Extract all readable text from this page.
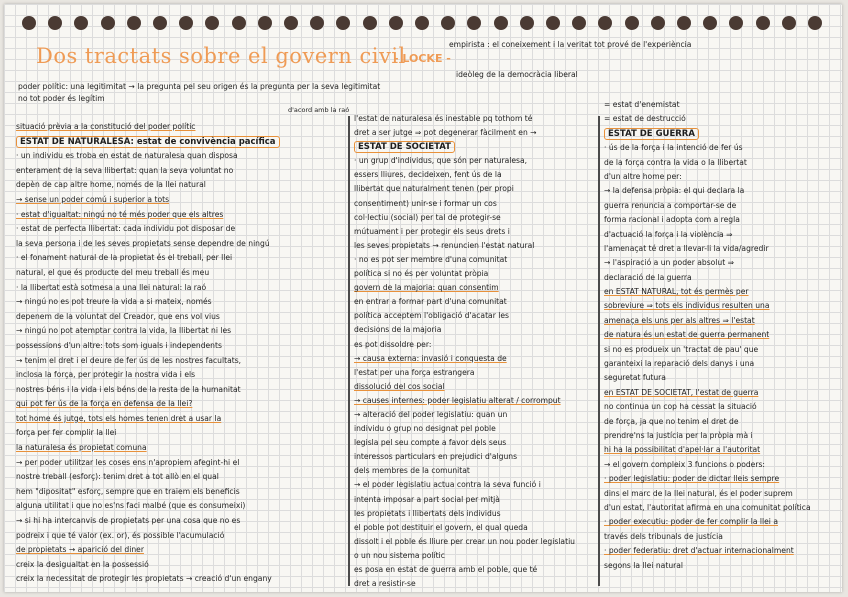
Dos tractats sobre el govern civil
- LOCKE -
empirista : el coneixement i la veritat tot prové de l'experiència
ideòleg de la democràcia liberal
poder polític: una legitimitat → la pregunta pel seu origen és la pregunta per la seva legitimitat
no tot poder és legítim
d'acord amb la raó
situació prèvia a la constitució del poder polític
ESTAT DE NATURALESA: estat de convivència pacífica
· un individu es troba en estat de naturalesa quan disposa
enterament de la seva llibertat: quan la seva voluntat no
depèn de cap altre home, només de la llei natural
→ sense un poder comú i superior a tots
· estat d'igualtat: ningú no té més poder que els altres
· estat de perfecta llibertat: cada individu pot disposar de
la seva persona i de les seves propietats sense dependre de ningú
· el fonament natural de la propietat és el treball, per llei
natural, el que és producte del meu treball és meu
· la llibertat està sotmesa a una llei natural: la raó
→ ningú no es pot treure la vida a si mateix, només
depenem de la voluntat del Creador, que ens vol vius
→ ningú no pot atemptar contra la vida, la llibertat ni les
possessions d'un altre: tots som iguals i independents
→ tenim el dret i el deure de fer ús de les nostres facultats,
inclosa la força, per protegir la nostra vida i els
nostres béns i la vida i els béns de la resta de la humanitat
qui pot fer ús de la força en defensa de la llei?
tot home és jutge, tots els homes tenen dret a usar la
força per fer complir la llei
la naturalesa és propietat comuna
→ per poder utilitzar les coses ens n'apropiem afegint-hi el
nostre treball (esforç): tenim dret a tot allò en el qual
hem "dipositat" esforç, sempre que en traiem els beneficis
alguna utilitat i que no es'ns faci malbé (que es consumeixi)
→ si hi ha intercanvis de propietats per una cosa que no es
podreix i que té valor (ex. or), és possible l'acumulació
de propietats → aparició del diner
creix la desigualtat en la possessió
creix la necessitat de protegir les propietats → creació d'un engany
l'estat de naturalesa és inestable pq tothom té
dret a ser jutge ⇒ pot degenerar fàcilment en →
ESTAT DE SOCIETAT
· un grup d'individus, que són per naturalesa,
essers lliures, decideixen, fent ús de la
llibertat que naturalment tenen (per propi
consentiment) unir-se i formar un cos
col·lectiu (social) per tal de protegir-se
mútuament i per protegir els seus drets i
les seves propietats → renuncien l'estat natural
· no es pot ser membre d'una comunitat
política si no és per voluntat pròpia
govern de la majoria: quan consentim
en entrar a formar part d'una comunitat
política acceptem l'obligació d'acatar les
decisions de la majoria
es pot dissoldre per:
→ causa externa: invasió i conquesta de
l'estat per una força estrangera
dissolució del cos social
→ causes internes: poder legislatiu alterat / corromput
→ alteració del poder legislatiu: quan un
individu o grup no designat pel poble
legisla pel seu compte a favor dels seus
interessos particulars en prejudici d'alguns
dels membres de la comunitat
→ el poder legislatiu actua contra la seva funció i
intenta imposar a part social per mitjà
les propietats i llibertats dels individus
el poble pot destituir el govern, el qual queda
dissolt i el poble és lliure per crear un nou poder legislatiu
o un nou sistema polític
es posa en estat de guerra amb el poble, que té
dret a resistir-se
= estat d'enemistat
= estat de destrucció
ESTAT DE GUERRA
· ús de la força i la intenció de fer ús
de la força contra la vida o la llibertat
d'un altre home per:
→ la defensa pròpia: el qui declara la
guerra renuncia a comportar-se de
forma racional i adopta com a regla
d'actuació la força i la violència ⇒
l'amenaçat té dret a llevar-li la vida/agredir
→ l'aspiració a un poder absolut ⇒
declaració de la guerra
en ESTAT NATURAL, tot és permès per
sobreviure ⇒ tots els individus resulten una
amenaça els uns per als altres ⇒ l'estat
de natura és un estat de guerra permanent
si no es produeix un 'tractat de pau' que
garanteixi la reparació dels danys i una
seguretat futura
en ESTAT DE SOCIETAT, l'estat de guerra
no continua un cop ha cessat la situació
de força, ja que no tenim el dret de
prendre'ns la justícia per la pròpia mà i
hi ha la possibilitat d'apel·lar a l'autoritat
→ el govern compleix 3 funcions o poders:
· poder legislatiu: poder de dictar lleis sempre
dins el marc de la llei natural, és el poder suprem
d'un estat, l'autoritat afirma en una comunitat política
· poder executiu: poder de fer complir la llei a
través dels tribunals de justícia
· poder federatiu: dret d'actuar internacionalment
segons la llei natural
